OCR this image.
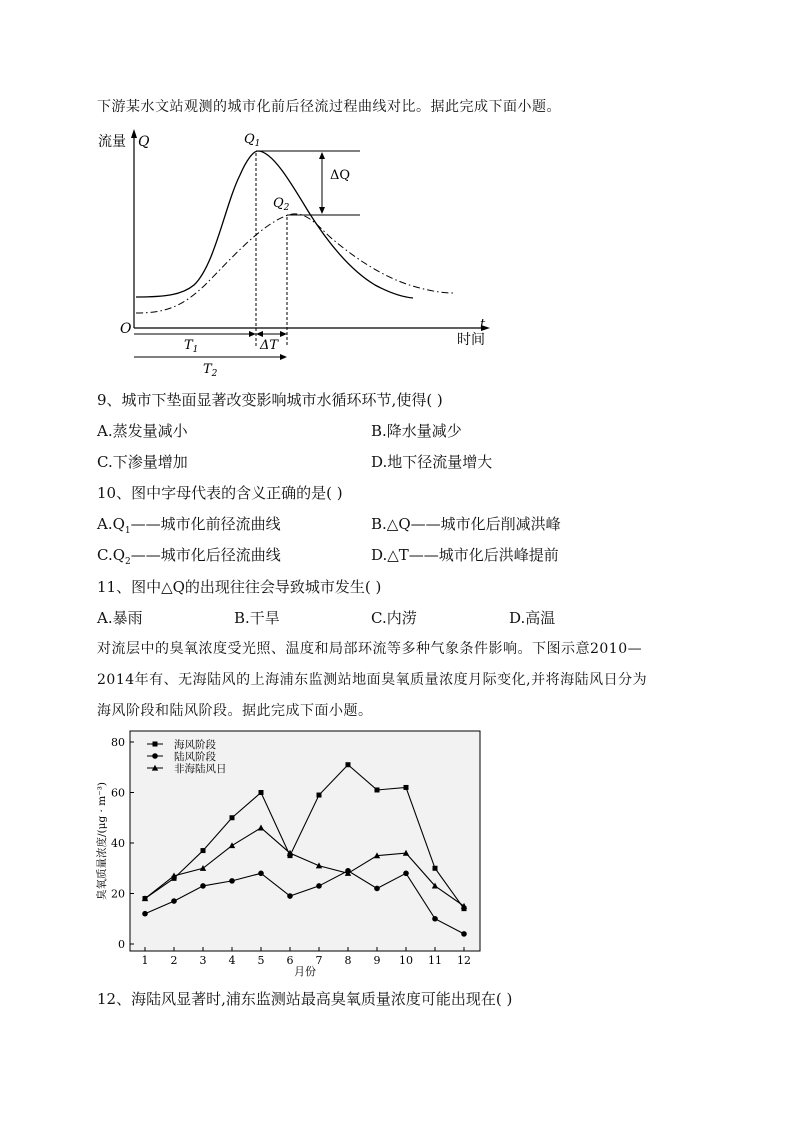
下游某水文站观测的城市化前后径流过程曲线对比。据此完成下面小题。
流量 Q
O	t
时间
ΔQ
$Q_1$
$Q_2$
$T_1$	ΔT
$T_2$
9、城市下垫面显著改变影响城市水循环环节,使得( )
A.蒸发量减小	B.降水量减少
C.下渗量增加	D.地下径流量增大
10、图中字母代表的含义正确的是( )
$A.Q_1——$城市化前径流曲线	B.△Q——城市化后削减洪峰
$C.Q_2——$城市化后径流曲线	D.△T——城市化后洪峰提前
11、图中△Q的出现往往会导致城市发生( )
A.暴雨	B.干旱	C.内涝	D.高温
对流层中的臭氧浓度受光照、温度和局部环流等多种气象条件影响。下图示意2010—
2014年有、无海陆风的上海浦东监测站地面臭氧质量浓度月际变化,并将海陆风日分为
海风阶段和陆风阶段。据此完成下面小题。
0
20
40
60
80
1 2 3 4 5 6 7 8 9 10 11 12
海风阶段
陆风阶段
非海陆风日
月份
臭氧质量浓度/(μg · m⁻³)
12、海陆风显著时,浦东监测站最高臭氧质量浓度可能出现在( )
